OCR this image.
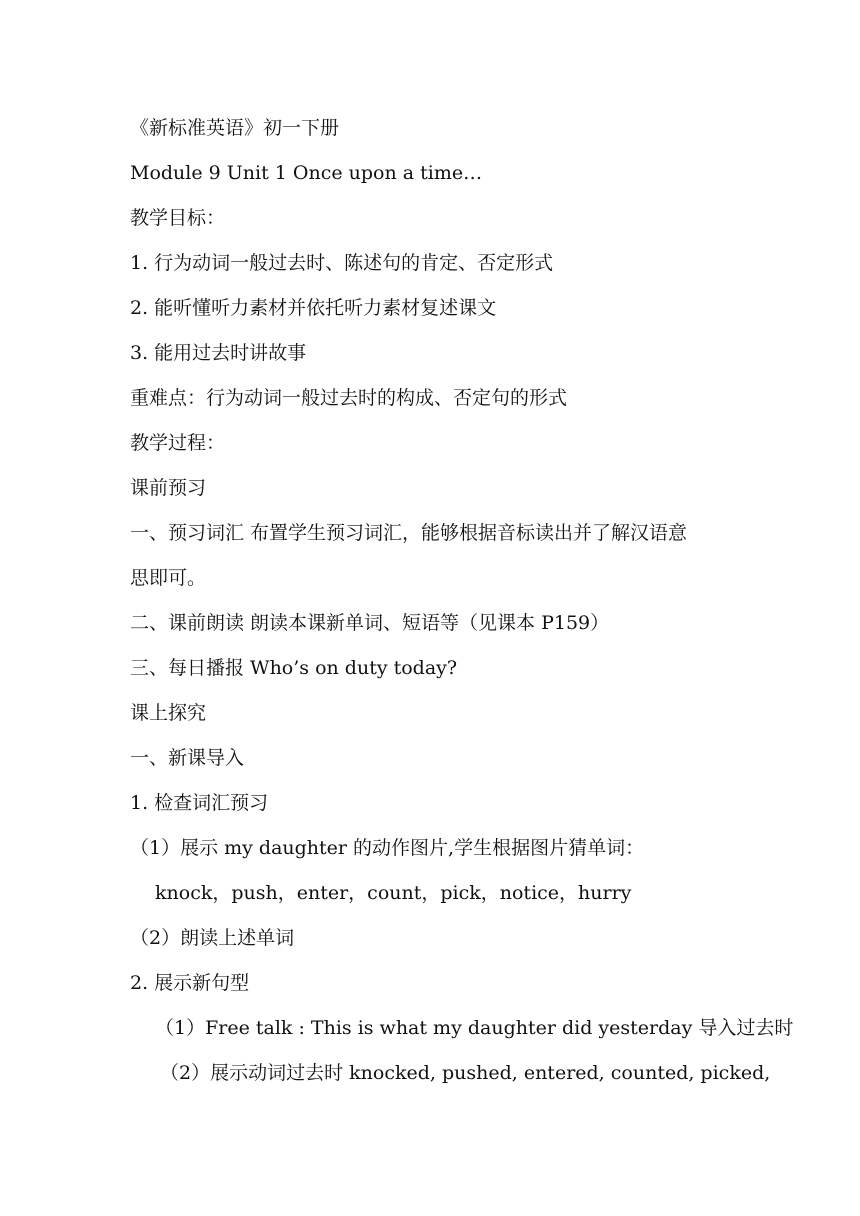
《新标准英语》初一下册
Module 9 Unit 1 Once upon a time…
教学目标：
1. 行为动词一般过去时、陈述句的肯定、否定形式
2. 能听懂听力素材并依托听力素材复述课文
3. 能用过去时讲故事
重难点：行为动词一般过去时的构成、否定句的形式
教学过程：
课前预习
一、预习词汇 布置学生预习词汇，能够根据音标读出并了解汉语意
思即可。
二、课前朗读 朗读本课新单词、短语等（见课本 P159）
三、每日播报 Who’s on duty today?
课上探究
一、新课导入
1. 检查词汇预习
（1）展示 my daughter 的动作图片,学生根据图片猜单词：
knock，push，enter，count，pick，notice，hurry
（2）朗读上述单词
2. 展示新句型
（1）Free talk : This is what my daughter did yesterday 导入过去时
（2）展示动词过去时 knocked, pushed, entered, counted, picked,
